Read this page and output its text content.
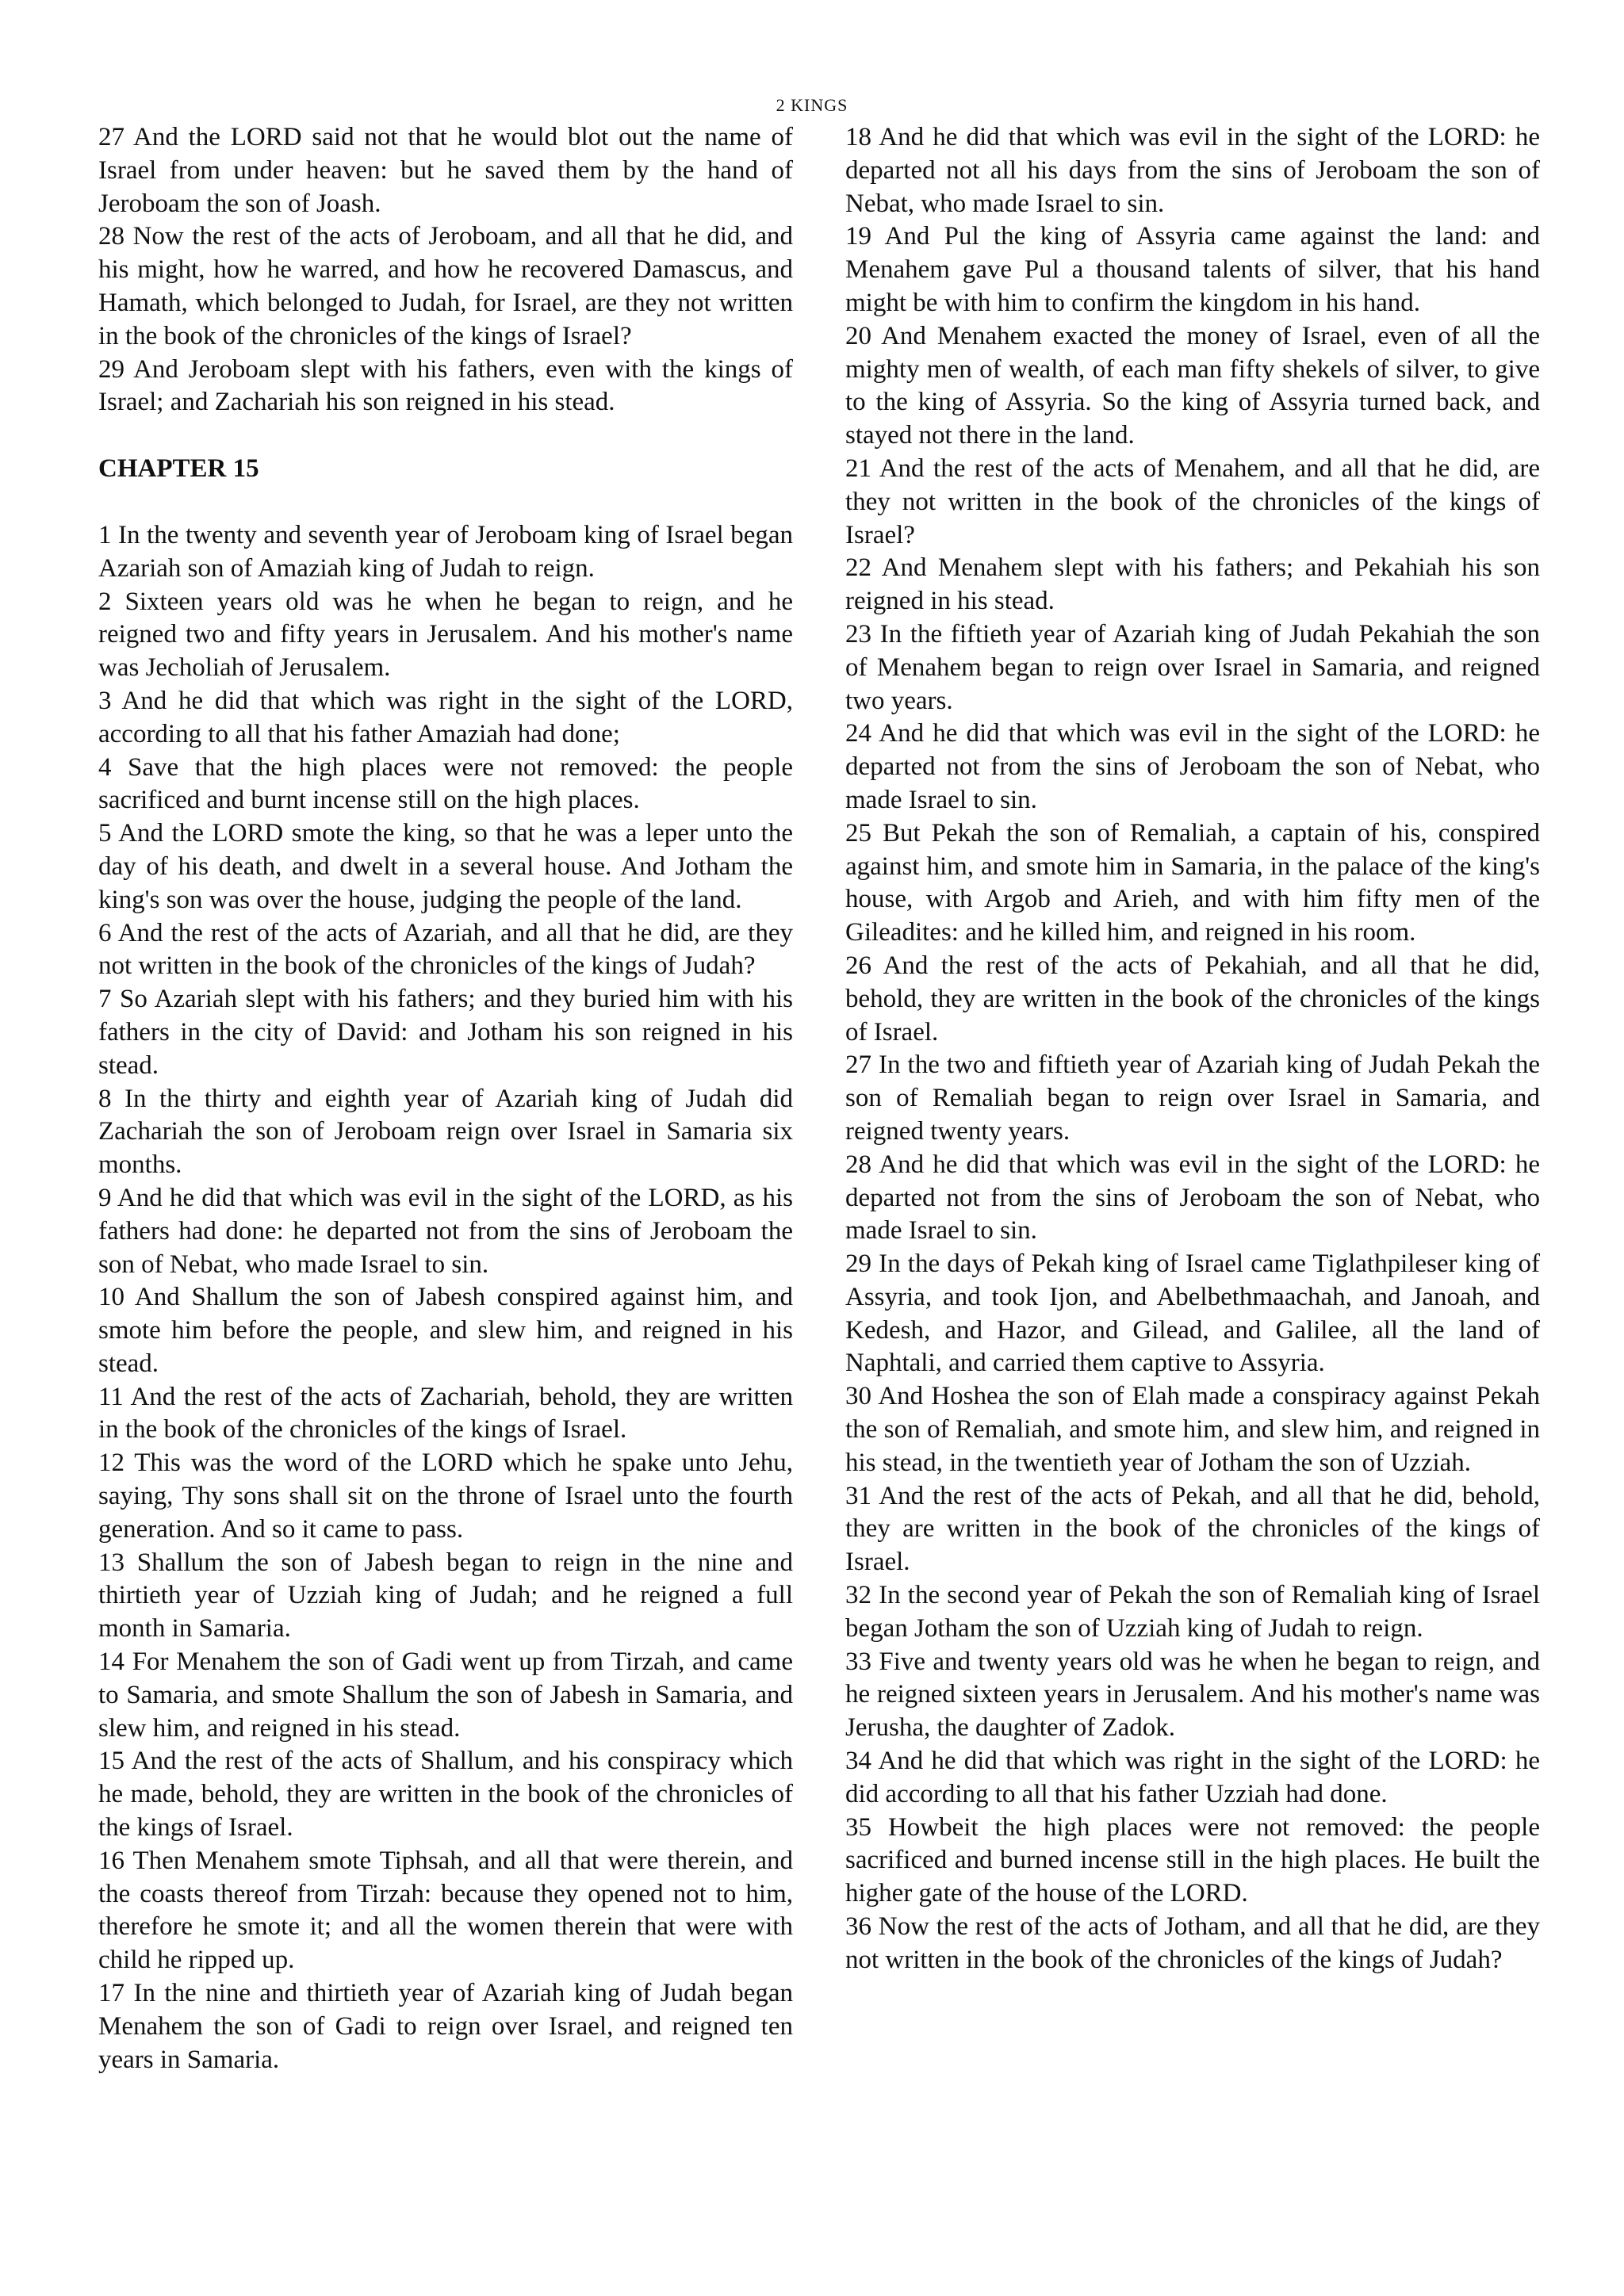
2 KINGS

27 And the LORD said not that he would blot out the name of Israel from under heaven: but he saved them by the hand of Jeroboam the son of Joash.

28 Now the rest of the acts of Jeroboam, and all that he did, and his might, how he warred, and how he recovered Damascus, and Hamath, which belonged to Judah, for Israel, are they not written in the book of the chronicles of the kings of Israel?

29 And Jeroboam slept with his fathers, even with the kings of Israel; and Zachariah his son reigned in his stead.

CHAPTER 15

1 In the twenty and seventh year of Jeroboam king of Israel began Azariah son of Amaziah king of Judah to reign.

2 Sixteen years old was he when he began to reign, and he reigned two and fifty years in Jerusalem. And his mother's name was Jecholiah of Jerusalem.

3 And he did that which was right in the sight of the LORD, according to all that his father Amaziah had done;

4 Save that the high places were not removed: the people sacrificed and burnt incense still on the high places.

5 And the LORD smote the king, so that he was a leper unto the day of his death, and dwelt in a several house. And Jotham the king's son was over the house, judging the people of the land.

6 And the rest of the acts of Azariah, and all that he did, are they not written in the book of the chronicles of the kings of Judah?

7 So Azariah slept with his fathers; and they buried him with his fathers in the city of David: and Jotham his son reigned in his stead.

8 In the thirty and eighth year of Azariah king of Judah did Zachariah the son of Jeroboam reign over Israel in Samaria six months.

9 And he did that which was evil in the sight of the LORD, as his fathers had done: he departed not from the sins of Jeroboam the son of Nebat, who made Israel to sin.

10 And Shallum the son of Jabesh conspired against him, and smote him before the people, and slew him, and reigned in his stead.

11 And the rest of the acts of Zachariah, behold, they are written in the book of the chronicles of the kings of Israel.

12 This was the word of the LORD which he spake unto Jehu, saying, Thy sons shall sit on the throne of Israel unto the fourth generation. And so it came to pass.

13 Shallum the son of Jabesh began to reign in the nine and thirtieth year of Uzziah king of Judah; and he reigned a full month in Samaria.

14 For Menahem the son of Gadi went up from Tirzah, and came to Samaria, and smote Shallum the son of Jabesh in Samaria, and slew him, and reigned in his stead.

15 And the rest of the acts of Shallum, and his conspiracy which he made, behold, they are written in the book of the chronicles of the kings of Israel.

16 Then Menahem smote Tiphsah, and all that were therein, and the coasts thereof from Tirzah: because they opened not to him, therefore he smote it; and all the women therein that were with child he ripped up.

17 In the nine and thirtieth year of Azariah king of Judah began Menahem the son of Gadi to reign over Israel, and reigned ten years in Samaria.

18 And he did that which was evil in the sight of the LORD: he departed not all his days from the sins of Jeroboam the son of Nebat, who made Israel to sin.

19 And Pul the king of Assyria came against the land: and Menahem gave Pul a thousand talents of silver, that his hand might be with him to confirm the kingdom in his hand.

20 And Menahem exacted the money of Israel, even of all the mighty men of wealth, of each man fifty shekels of silver, to give to the king of Assyria. So the king of Assyria turned back, and stayed not there in the land.

21 And the rest of the acts of Menahem, and all that he did, are they not written in the book of the chronicles of the kings of Israel?

22 And Menahem slept with his fathers; and Pekahiah his son reigned in his stead.

23 In the fiftieth year of Azariah king of Judah Pekahiah the son of Menahem began to reign over Israel in Samaria, and reigned two years.

24 And he did that which was evil in the sight of the LORD: he departed not from the sins of Jeroboam the son of Nebat, who made Israel to sin.

25 But Pekah the son of Remaliah, a captain of his, conspired against him, and smote him in Samaria, in the palace of the king's house, with Argob and Arieh, and with him fifty men of the Gileadites: and he killed him, and reigned in his room.

26 And the rest of the acts of Pekahiah, and all that he did, behold, they are written in the book of the chronicles of the kings of Israel.

27 In the two and fiftieth year of Azariah king of Judah Pekah the son of Remaliah began to reign over Israel in Samaria, and reigned twenty years.

28 And he did that which was evil in the sight of the LORD: he departed not from the sins of Jeroboam the son of Nebat, who made Israel to sin.

29 In the days of Pekah king of Israel came Tiglathpileser king of Assyria, and took Ijon, and Abelbethmaachah, and Janoah, and Kedesh, and Hazor, and Gilead, and Galilee, all the land of Naphtali, and carried them captive to Assyria.

30 And Hoshea the son of Elah made a conspiracy against Pekah the son of Remaliah, and smote him, and slew him, and reigned in his stead, in the twentieth year of Jotham the son of Uzziah.

31 And the rest of the acts of Pekah, and all that he did, behold, they are written in the book of the chronicles of the kings of Israel.

32 In the second year of Pekah the son of Remaliah king of Israel began Jotham the son of Uzziah king of Judah to reign.

33 Five and twenty years old was he when he began to reign, and he reigned sixteen years in Jerusalem. And his mother's name was Jerusha, the daughter of Zadok.

34 And he did that which was right in the sight of the LORD: he did according to all that his father Uzziah had done.

35 Howbeit the high places were not removed: the people sacrificed and burned incense still in the high places. He built the higher gate of the house of the LORD.

36 Now the rest of the acts of Jotham, and all that he did, are they not written in the book of the chronicles of the kings of Judah?
